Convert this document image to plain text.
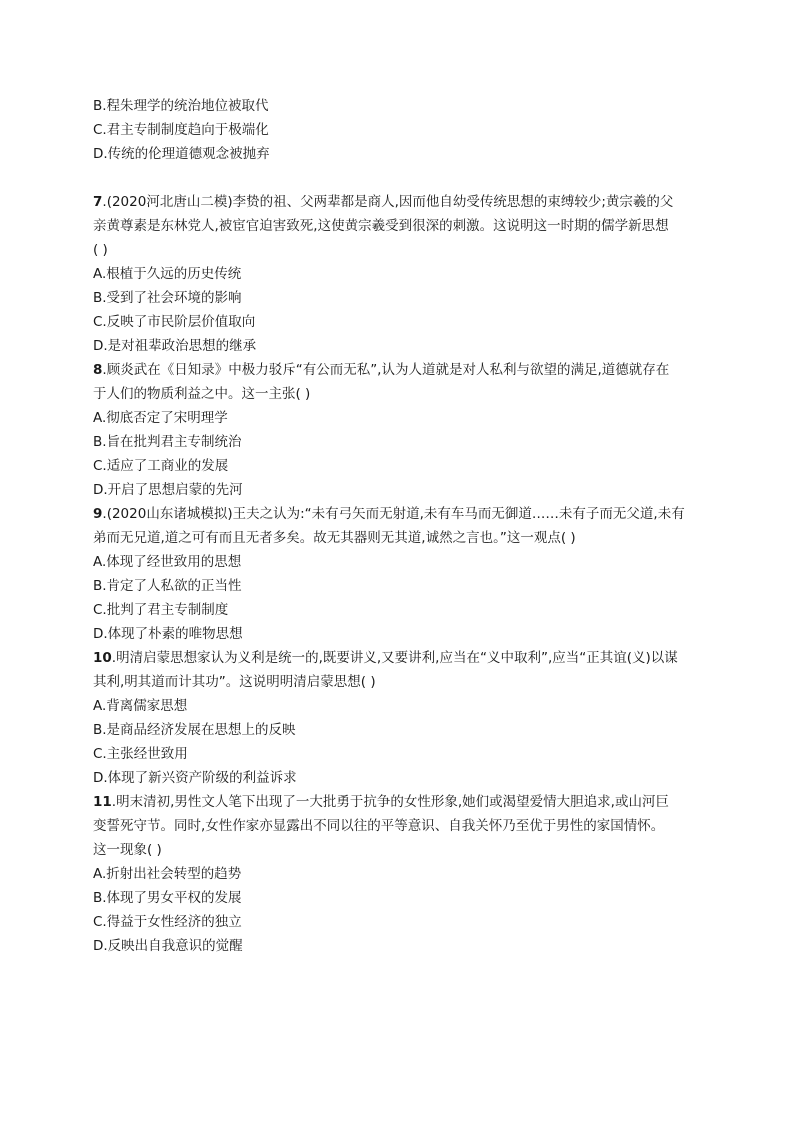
B.程朱理学的统治地位被取代
C.君主专制制度趋向于极端化
D.传统的伦理道德观念被抛弃
7.(2020河北唐山二模)李贽的祖、父两辈都是商人,因而他自幼受传统思想的束缚较少;黄宗羲的父
亲黄尊素是东林党人,被宦官迫害致死,这使黄宗羲受到很深的刺激。这说明这一时期的儒学新思想
( )
A.根植于久远的历史传统
B.受到了社会环境的影响
C.反映了市民阶层价值取向
D.是对祖辈政治思想的继承
8.顾炎武在《日知录》中极力驳斥“有公而无私”,认为人道就是对人私利与欲望的满足,道德就存在
于人们的物质利益之中。这一主张( )
A.彻底否定了宋明理学
B.旨在批判君主专制统治
C.适应了工商业的发展
D.开启了思想启蒙的先河
9.(2020山东诸城模拟)王夫之认为:“未有弓矢而无射道,未有车马而无御道……未有子而无父道,未有
弟而无兄道,道之可有而且无者多矣。故无其器则无其道,诚然之言也。”这一观点( )
A.体现了经世致用的思想
B.肯定了人私欲的正当性
C.批判了君主专制制度
D.体现了朴素的唯物思想
10.明清启蒙思想家认为义利是统一的,既要讲义,又要讲利,应当在“义中取利”,应当“正其谊(义)以谋
其利,明其道而计其功”。这说明明清启蒙思想( )
A.背离儒家思想
B.是商品经济发展在思想上的反映
C.主张经世致用
D.体现了新兴资产阶级的利益诉求
11.明末清初,男性文人笔下出现了一大批勇于抗争的女性形象,她们或渴望爱情大胆追求,或山河巨
变誓死守节。同时,女性作家亦显露出不同以往的平等意识、自我关怀乃至优于男性的家国情怀。
这一现象( )
A.折射出社会转型的趋势
B.体现了男女平权的发展
C.得益于女性经济的独立
D.反映出自我意识的觉醒
